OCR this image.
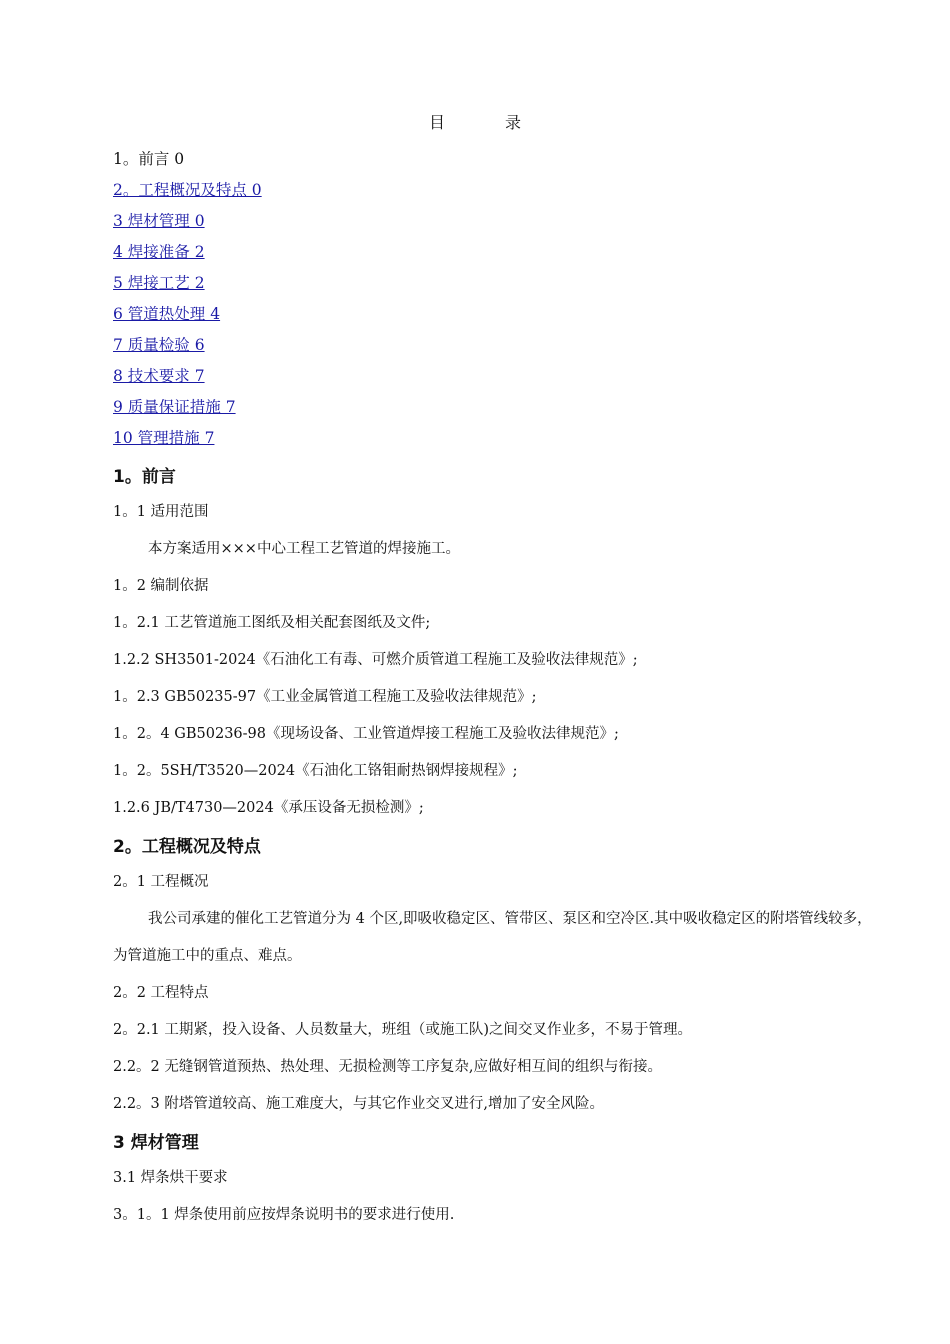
目	录
1。前言 0
2。工程概况及特点 0
3 焊材管理 0
4 焊接准备 2
5 焊接工艺 2
6 管道热处理 4
7 质量检验 6
8 技术要求 7
9 质量保证措施 7
10 管理措施 7

1。前言

1。1 适用范围

本方案适用×××中心工程工艺管道的焊接施工。

1。2 编制依据

1。2.1 工艺管道施工图纸及相关配套图纸及文件;

1.2.2 SH3501-2024《石油化工有毒、可燃介质管道工程施工及验收法律规范》;

1。2.3 GB50235-97《工业金属管道工程施工及验收法律规范》;

1。2。4 GB50236-98《现场设备、工业管道焊接工程施工及验收法律规范》;

1。2。5SH/T3520—2024《石油化工铬钼耐热钢焊接规程》;

1.2.6 JB/T4730—2024《承压设备无损检测》;

2。工程概况及特点

2。1 工程概况

我公司承建的催化工艺管道分为 4 个区,即吸收稳定区、管带区、泵区和空冷区.其中吸收稳定区的附塔管线较多，为管道施工中的重点、难点。

2。2 工程特点

2。2.1 工期紧，投入设备、人员数量大，班组（或施工队)之间交叉作业多，不易于管理。

2.2。2 无缝钢管道预热、热处理、无损检测等工序复杂,应做好相互间的组织与衔接。

2.2。3 附塔管道较高、施工难度大，与其它作业交叉进行,增加了安全风险。

3 焊材管理

3.1 焊条烘干要求

3。1。1 焊条使用前应按焊条说明书的要求进行使用.
